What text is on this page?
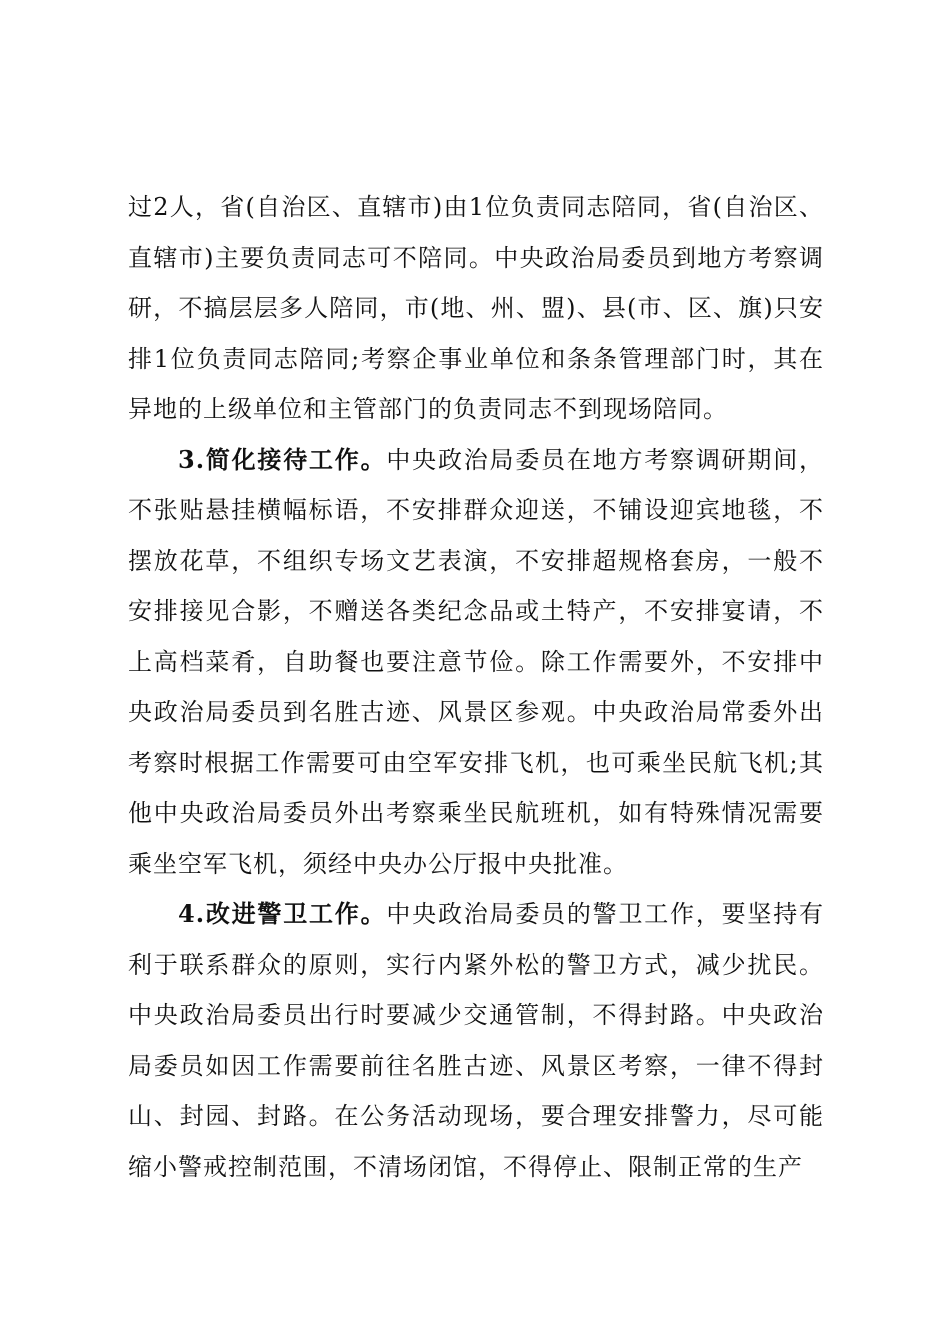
过2人，省(自治区、直辖市)由1位负责同志陪同，省(自治区、直辖市)主要负责同志可不陪同。中央政治局委员到地方考察调研，不搞层层多人陪同，市(地、州、盟)、县(市、区、旗)只安排1位负责同志陪同;考察企事业单位和条条管理部门时，其在异地的上级单位和主管部门的负责同志不到现场陪同。

3.简化接待工作。中央政治局委员在地方考察调研期间，不张贴悬挂横幅标语，不安排群众迎送，不铺设迎宾地毯，不摆放花草，不组织专场文艺表演，不安排超规格套房，一般不安排接见合影，不赠送各类纪念品或土特产，不安排宴请，不上高档菜肴，自助餐也要注意节俭。除工作需要外，不安排中央政治局委员到名胜古迹、风景区参观。中央政治局常委外出考察时根据工作需要可由空军安排飞机，也可乘坐民航飞机;其他中央政治局委员外出考察乘坐民航班机，如有特殊情况需要乘坐空军飞机，须经中央办公厅报中央批准。

4.改进警卫工作。中央政治局委员的警卫工作，要坚持有利于联系群众的原则，实行内紧外松的警卫方式，减少扰民。中央政治局委员出行时要减少交通管制，不得封路。中央政治局委员如因工作需要前往名胜古迹、风景区考察，一律不得封山、封园、封路。在公务活动现场，要合理安排警力，尽可能缩小警戒控制范围，不清场闭馆，不得停止、限制正常的生产
